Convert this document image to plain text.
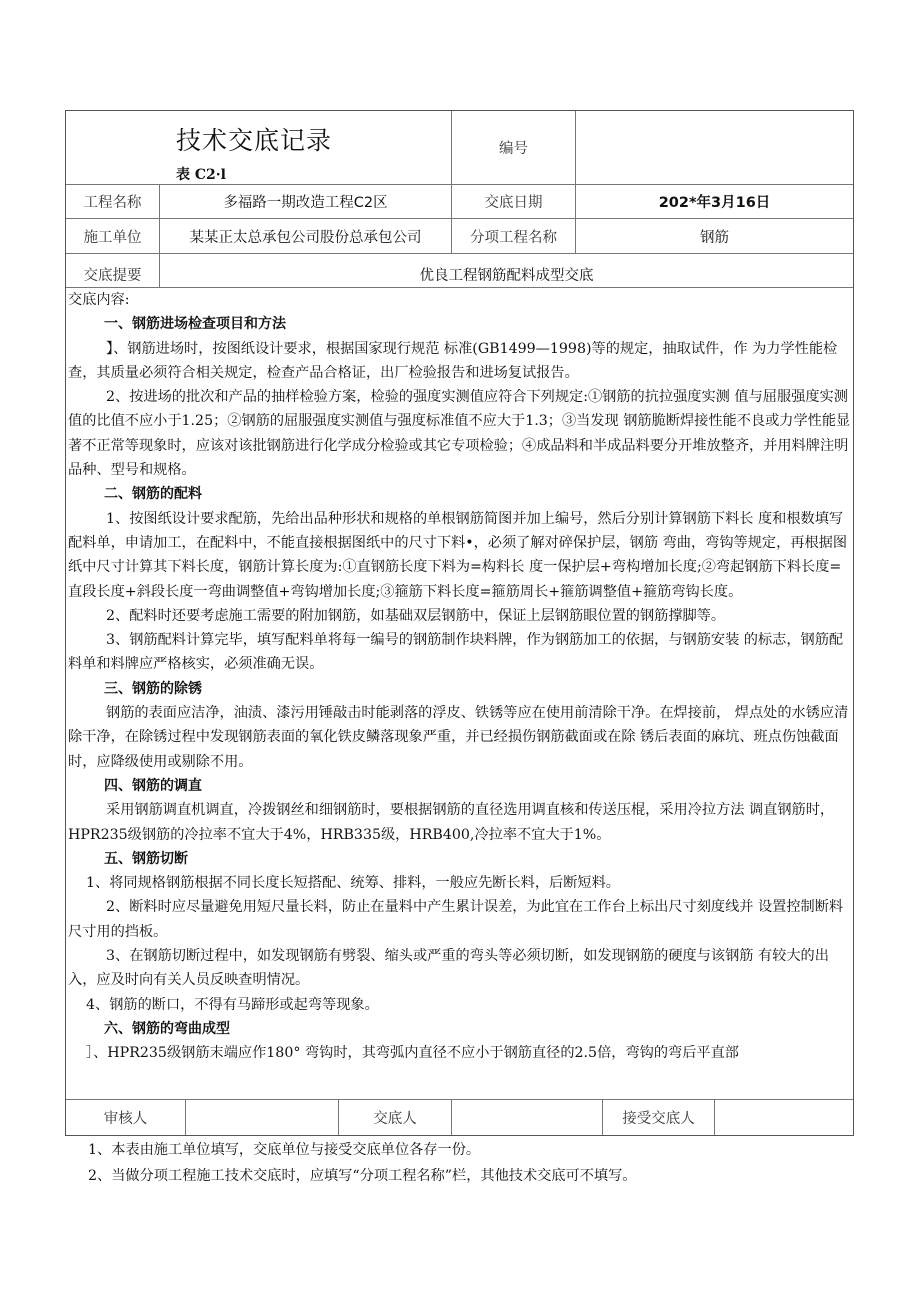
技术交底记录
表 C2·l
编号
工程名称	多福路一期改造工程C2区	交底日期	202*年3月16日
施工单位	某某正太总承包公司股份总承包公司	分项工程名称	钢筋
交底提要	优良工程钢筋配料成型交底

交底内容:

一、钢筋进场检查项目和方法

】、钢筋进场时，按图纸设计要求，根据国家现行规范 标准(GB1499—1998)等的规定，抽取试件，作 为力学性能检查，其质量必须符合相关规定，检查产品合格证，出厂检验报告和进场复试报告。

2、按进场的批次和产品的抽样检验方案，检验的强度实测值应符合下列规定:①钢筋的抗拉强度实测 值与屈服强度实测值的比值不应小于1.25；②钢筋的屈服强度实测值与强度标准值不应大于1.3；③当发现 钢筋脆断焊接性能不良或力学性能显著不正常等现象时，应该对该批钢筋进行化学成分检验或其它专项检验；④成品料和半成品料要分开堆放整齐，并用料牌注明品种、型号和规格。

二、钢筋的配料

1、按图纸设计要求配筋，先给出品种形状和规格的单根钢筋简图并加上编号，然后分别计算钢筋下料长 度和根数填写配料单，申请加工，在配料中，不能直接根据图纸中的尺寸下料•，必须了解对碎保护层，钢筋 弯曲，弯钩等规定，再根据图纸中尺寸计算其下料长度，钢筋计算长度为:①直钢筋长度下料为=构料长 度一保护层+弯构增加长度;②弯起钢筋下料长度=直段长度+斜段长度一弯曲调整值+弯钩增加长度;③箍筋下料长度=箍筋周长+箍筋调整值+箍筋弯钩长度。

2、配料时还要考虑施工需要的附加钢筋，如基础双层钢筋中，保证上层钢筋眼位置的钢筋撑脚等。

3、钢筋配料计算完毕，填写配料单将每一编号的钢筋制作块料牌，作为钢筋加工的依据，与钢筋安装 的标志，钢筋配料单和料牌应严格核实，必须准确无误。

三、钢筋的除锈

钢筋的表面应洁净，油渍、漆污用锤敲击时能剥落的浮皮、铁锈等应在使用前清除干净。在焊接前， 焊点处的水锈应清除干净，在除锈过程中发现钢筋表面的氧化铁皮鳞落现象严重，并已经损伤钢筋截面或在除 锈后表面的麻坑、班点伤蚀截面时，应降级使用或剔除不用。

四、钢筋的调直

采用钢筋调直机调直，冷拨钢丝和细钢筋时，要根据钢筋的直径选用调直核和传送压棍，采用冷拉方法 调直钢筋时，HPR235级钢筋的冷拉率不宜大于4%，HRB335级，HRB400,冷拉率不宜大于1%。

五、钢筋切断

1、将同规格钢筋根据不同长度长短搭配、统筹、排料，一般应先断长料，后断短料。

2、断料时应尽量避免用短尺量长料，防止在量料中产生累计误差，为此宜在工作台上标出尺寸刻度线并 设置控制断料尺寸用的挡板。

3、在钢筋切断过程中，如发现钢筋有劈裂、缩头或严重的弯头等必须切断，如发现钢筋的硬度与该钢筋 有较大的出入，应及时向有关人员反映查明情况。

4、钢筋的断口，不得有马蹄形或起弯等现象。

六、钢筋的弯曲成型

］、HPR235级钢筋末端应作180° 弯钩时，其弯弧内直径不应小于钢筋直径的2.5倍，弯钩的弯后平直部

审核人	交底人	接受交底人

1、本表由施工单位填写，交底单位与接受交底单位各存一份。

2、当做分项工程施工技术交底时，应填写“分项工程名称”栏，其他技术交底可不填写。
